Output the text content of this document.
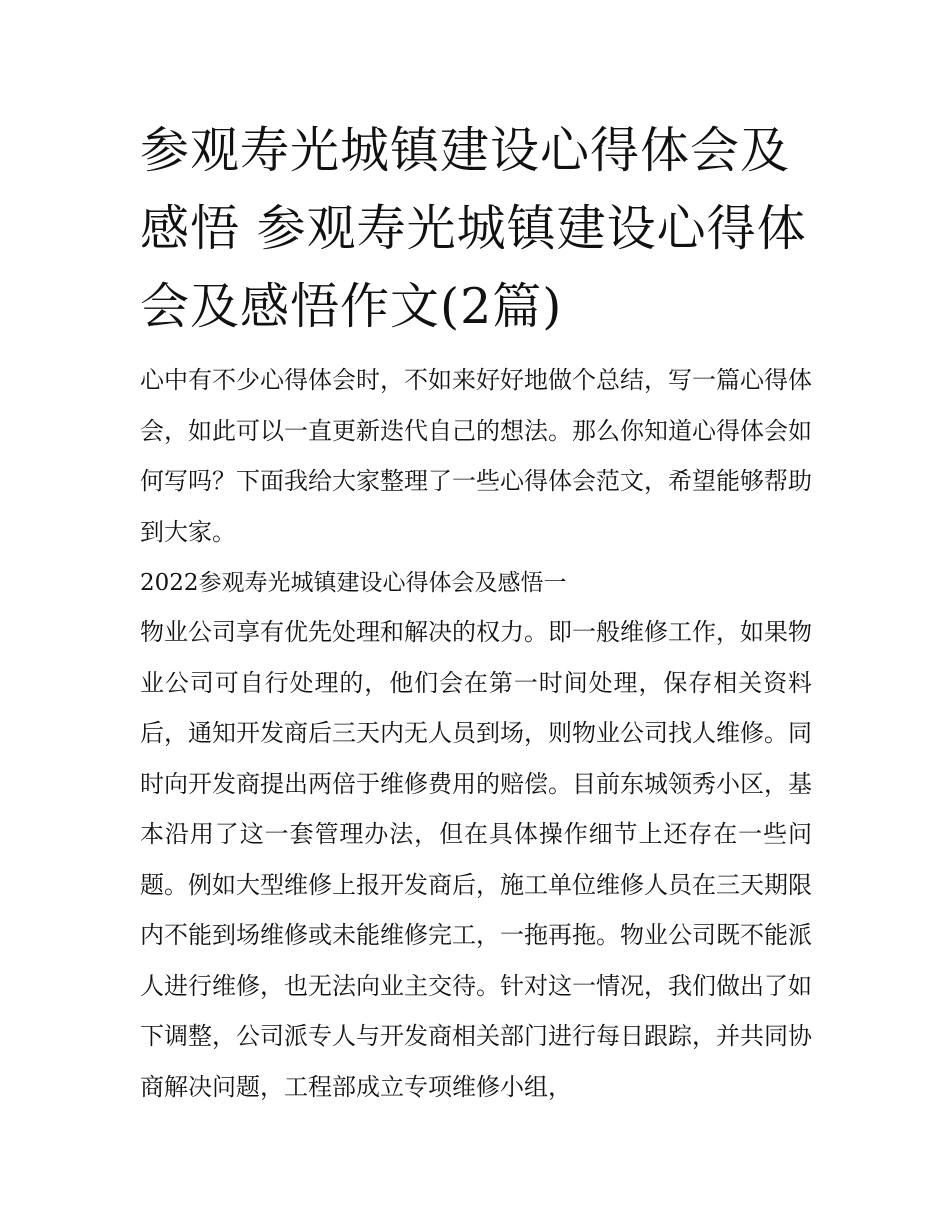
参观寿光城镇建设心得体会及感悟 参观寿光城镇建设心得体会及感悟作文(2篇)

心中有不少心得体会时，不如来好好地做个总结，写一篇心得体会，如此可以一直更新迭代自己的想法。那么你知道心得体会如何写吗？下面我给大家整理了一些心得体会范文，希望能够帮助到大家。

2022参观寿光城镇建设心得体会及感悟一

物业公司享有优先处理和解决的权力。即一般维修工作，如果物业公司可自行处理的，他们会在第一时间处理，保存相关资料后，通知开发商后三天内无人员到场，则物业公司找人维修。同时向开发商提出两倍于维修费用的赔偿。目前东城领秀小区，基本沿用了这一套管理办法，但在具体操作细节上还存在一些问题。例如大型维修上报开发商后，施工单位维修人员在三天期限内不能到场维修或未能维修完工，一拖再拖。物业公司既不能派人进行维修，也无法向业主交待。针对这一情况，我们做出了如下调整，公司派专人与开发商相关部门进行每日跟踪，并共同协商解决问题，工程部成立专项维修小组，
